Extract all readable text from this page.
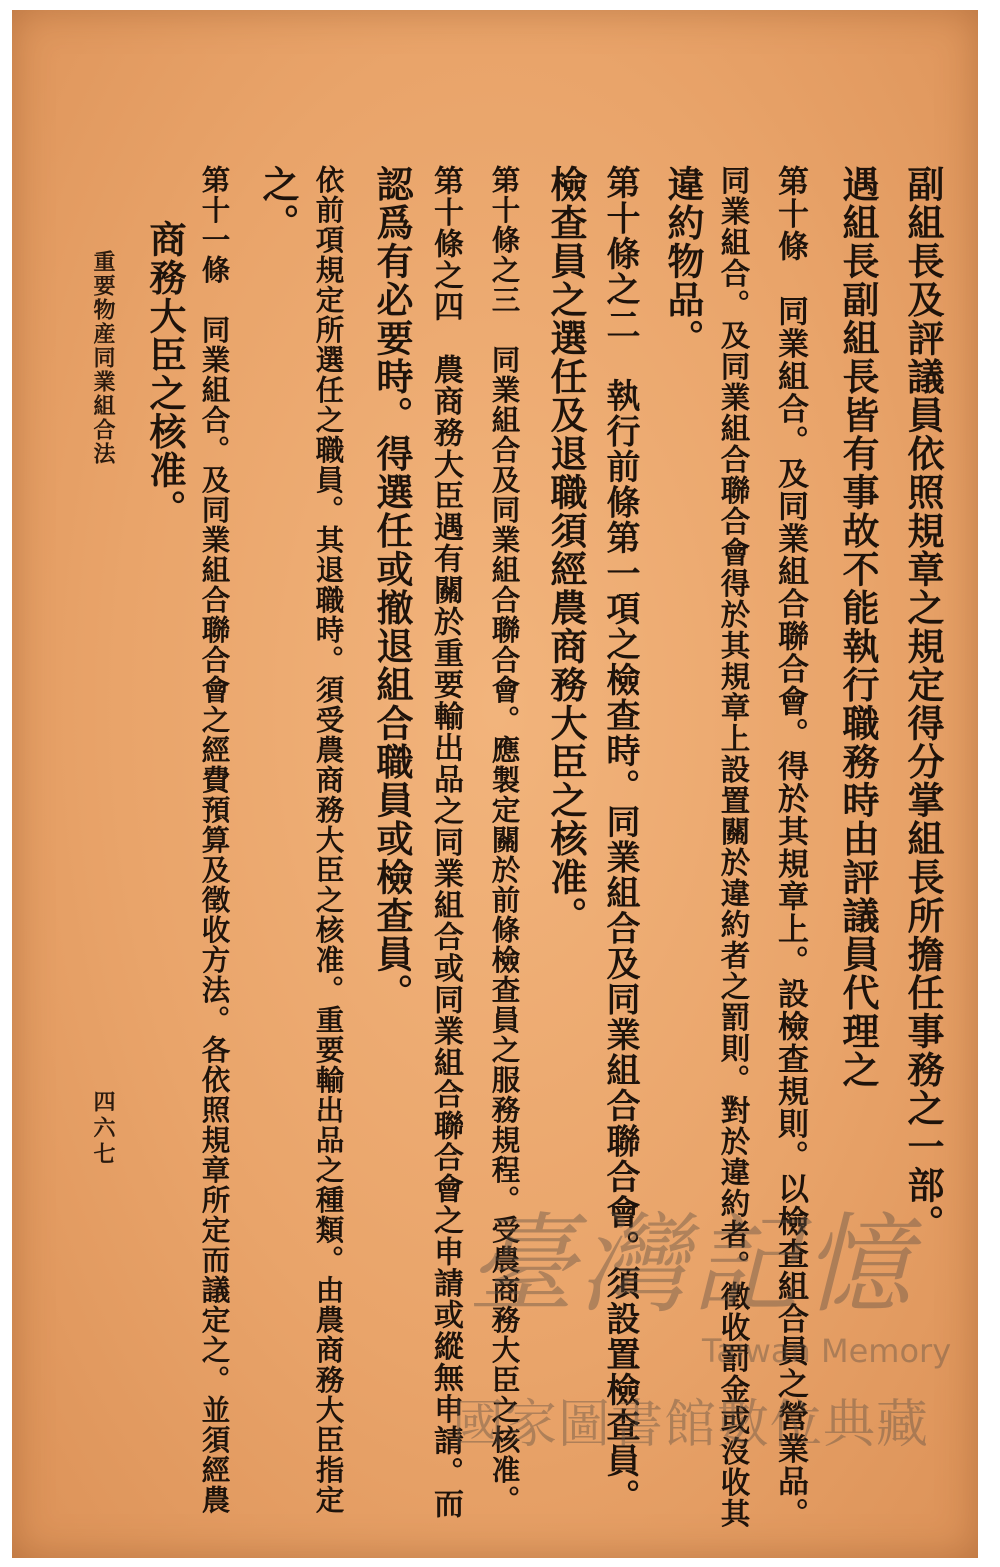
副組長及評議員依照規章之規定得分掌組長所擔任事務之一部。
遇組長副組長皆有事故不能執行職務時由評議員代理之
第十條　同業組合。及同業組合聯合會。得於其規章上。設檢查規則。以檢查組合員之營業品。
同業組合。及同業組合聯合會得於其規章上設置關於違約者之罰則。對於違約者。徵收罰金或沒收其
違約物品。
第十條之二　執行前條第一項之檢查時。同業組合及同業組合聯合會。須設置檢查員。
檢查員之選任及退職須經農商務大臣之核准。
第十條之三　同業組合及同業組合聯合會。應製定關於前條檢查員之服務規程。受農商務大臣之核准。
第十條之四　農商務大臣遇有關於重要輸出品之同業組合或同業組合聯合會之申請或縱無申請。而
認爲有必要時。得選任或撤退組合職員或檢查員。
依前項規定所選任之職員。其退職時。須受農商務大臣之核准。重要輸出品之種類。由農商務大臣指定
之。
第十一條　同業組合。及同業組合聯合會之經費預算及徵收方法。各依照規章所定而議定之。並須經農
商務大臣之核准。
重要物産同業組合法
四六七
臺灣記憶
Taiwan Memory
國家圖書館數位典藏
